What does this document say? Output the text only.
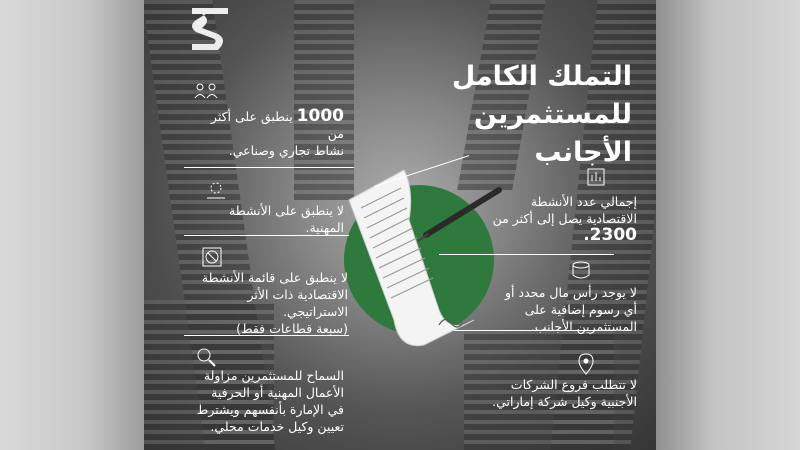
التملك الكامل
للمستثمرين الأجانب
1000 ينطبق على أكثر من
نشاط تجاري وصناعي.
لا ينطبق على الأنشطة المهنية.
لا ينطبق على قائمة الأنشطة الاقتصادية ذات الأثر الاستراتيجي.
(سبعة قطاعات فقط)
السماح للمستثمرين مزاولة الأعمال المهنية أو الحرفية في الإمارة بأنفسهم ويشترط تعيين وكيل خدمات محلي.
إجمالي عدد الأنشطة الاقتصادية يصل إلى أكثر من 2300.
لا يوجد رأس مال محدد أو أي رسوم إضافية على المستثمرين الأجانب.
لا تتطلب فروع الشركات الأجنبية وكيل شركة إماراتي.
